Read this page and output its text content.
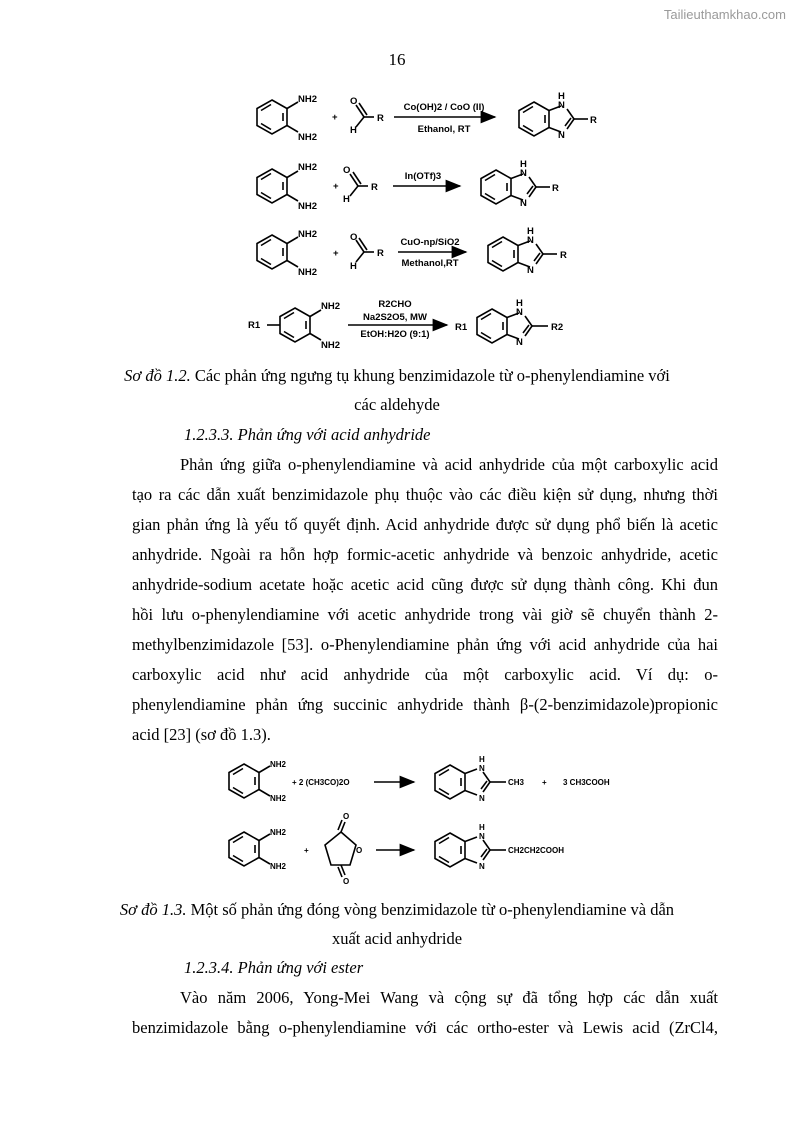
Tailieuthamkhao.com
16
NH2
NH2
+
O
H
R
Co(OH)2 / CoO (II)
Ethanol, RT
H
N
N
R
NH2
NH2
+
O
H
R
In(OTf)3
H
N
N
R
NH2
NH2
+
O
H
R
CuO-np/SiO2
Methanol,RT
H
N
N
R
R1
NH2
NH2
R2CHO
Na2S2O5, MW
EtOH:H2O (9:1)
R1
H
N
N
R2
Sơ đồ 1.2. Các phản ứng ngưng tụ khung benzimidazole từ o-phenylendiamine với
các aldehyde
1.2.3.3. Phản ứng với acid anhydride
Phản ứng giữa o-phenylendiamine và acid anhydride của một carboxylic acid
tạo ra các dẫn xuất benzimidazole phụ thuộc vào các điều kiện sử dụng, nhưng thời
gian phản ứng là yếu tố quyết định. Acid anhydride được sử dụng phổ biến là acetic
anhydride. Ngoài ra hỗn hợp formic-acetic anhydride và benzoic anhydride, acetic
anhydride-sodium acetate hoặc acetic acid cũng được sử dụng thành công. Khi đun
hồi lưu o-phenylendiamine với acetic anhydride trong vài giờ sẽ chuyển thành 2-
methylbenzimidazole [53]. o-Phenylendiamine phản ứng với acid anhydride của hai
carboxylic acid như acid anhydride của một carboxylic acid. Ví dụ: o-
phenylendiamine phản ứng succinic anhydride thành β-(2-benzimidazole)propionic
acid [23] (sơ đồ 1.3).
NH2
NH2
+ 2 (CH3CO)2O
H
N
N
CH3 + 3 CH3COOH
NH2
NH2
+
O
O
O
H
N
N
CH2CH2COOH
Sơ đồ 1.3. Một số phản ứng đóng vòng benzimidazole từ o-phenylendiamine và dẫn
xuất acid anhydride
1.2.3.4. Phản ứng với ester
Vào năm 2006, Yong-Mei Wang và cộng sự đã tổng hợp các dẫn xuất
benzimidazole bằng o-phenylendiamine với các ortho-ester và Lewis acid (ZrCl4,
